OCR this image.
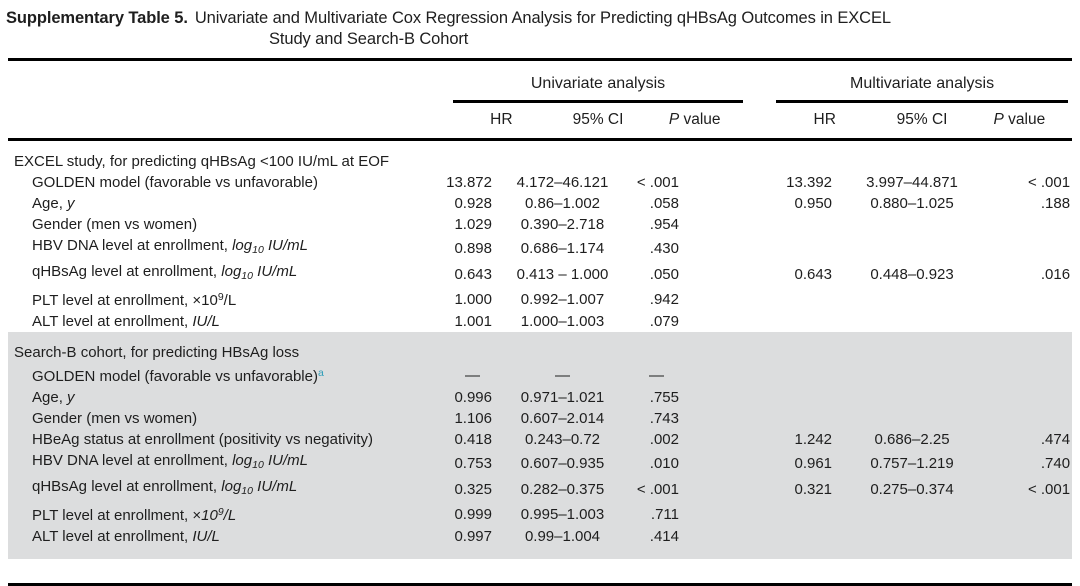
Supplementary Table 5. Univariate and Multivariate Cox Regression Analysis for Predicting qHBsAg Outcomes in EXCEL
Study and Search-B Cohort

	Univariate analysis				Multivariate analysis		

	HR 95% CI P value				HR 95% CI P value		

EXCEL study, for predicting qHBsAg <100 IU/mL at EOF							
GOLDEN model (favorable vs unfavorable)	13.872	4.172–46.121	< .001		13.392	3.997–44.871	< .001
Age, y	0.928	0.86–1.002	.058		0.950	0.880–1.025	.188
Gender (men vs women)	1.029	0.390–2.718	.954				
HBV DNA level at enrollment, $\log_{10} IU/mL$	0.898	0.686–1.174	.430				
qHBsAg level at enrollment, $\log_{10} IU/mL$	0.643	0.413 – 1.000	.050		0.643	0.448–0.923	.016
PLT level at enrollment, $\times 10^9/L$	1.000	0.992–1.007	.942				
ALT level at enrollment, IU/L	1.001	1.000–1.003	.079				
Search-B cohort, for predicting HBsAg loss							
GOLDEN model (favorable vs unfavorable)$^a$	—	—	—				
Age, y	0.996	0.971–1.021	.755				
Gender (men vs women)	1.106	0.607–2.014	.743				
HBeAg status at enrollment (positivity vs negativity)	0.418	0.243–0.72	.002		1.242	0.686–2.25	.474
HBV DNA level at enrollment, $\log_{10} IU/mL$	0.753	0.607–0.935	.010		0.961	0.757–1.219	.740
qHBsAg level at enrollment, $\log_{10} IU/mL$	0.325	0.282–0.375	< .001		0.321	0.275–0.374	< .001
PLT level at enrollment, $\times 10^9/L$	0.999	0.995–1.003	.711				
ALT level at enrollment, IU/L	0.997	0.99–1.004	.414				
